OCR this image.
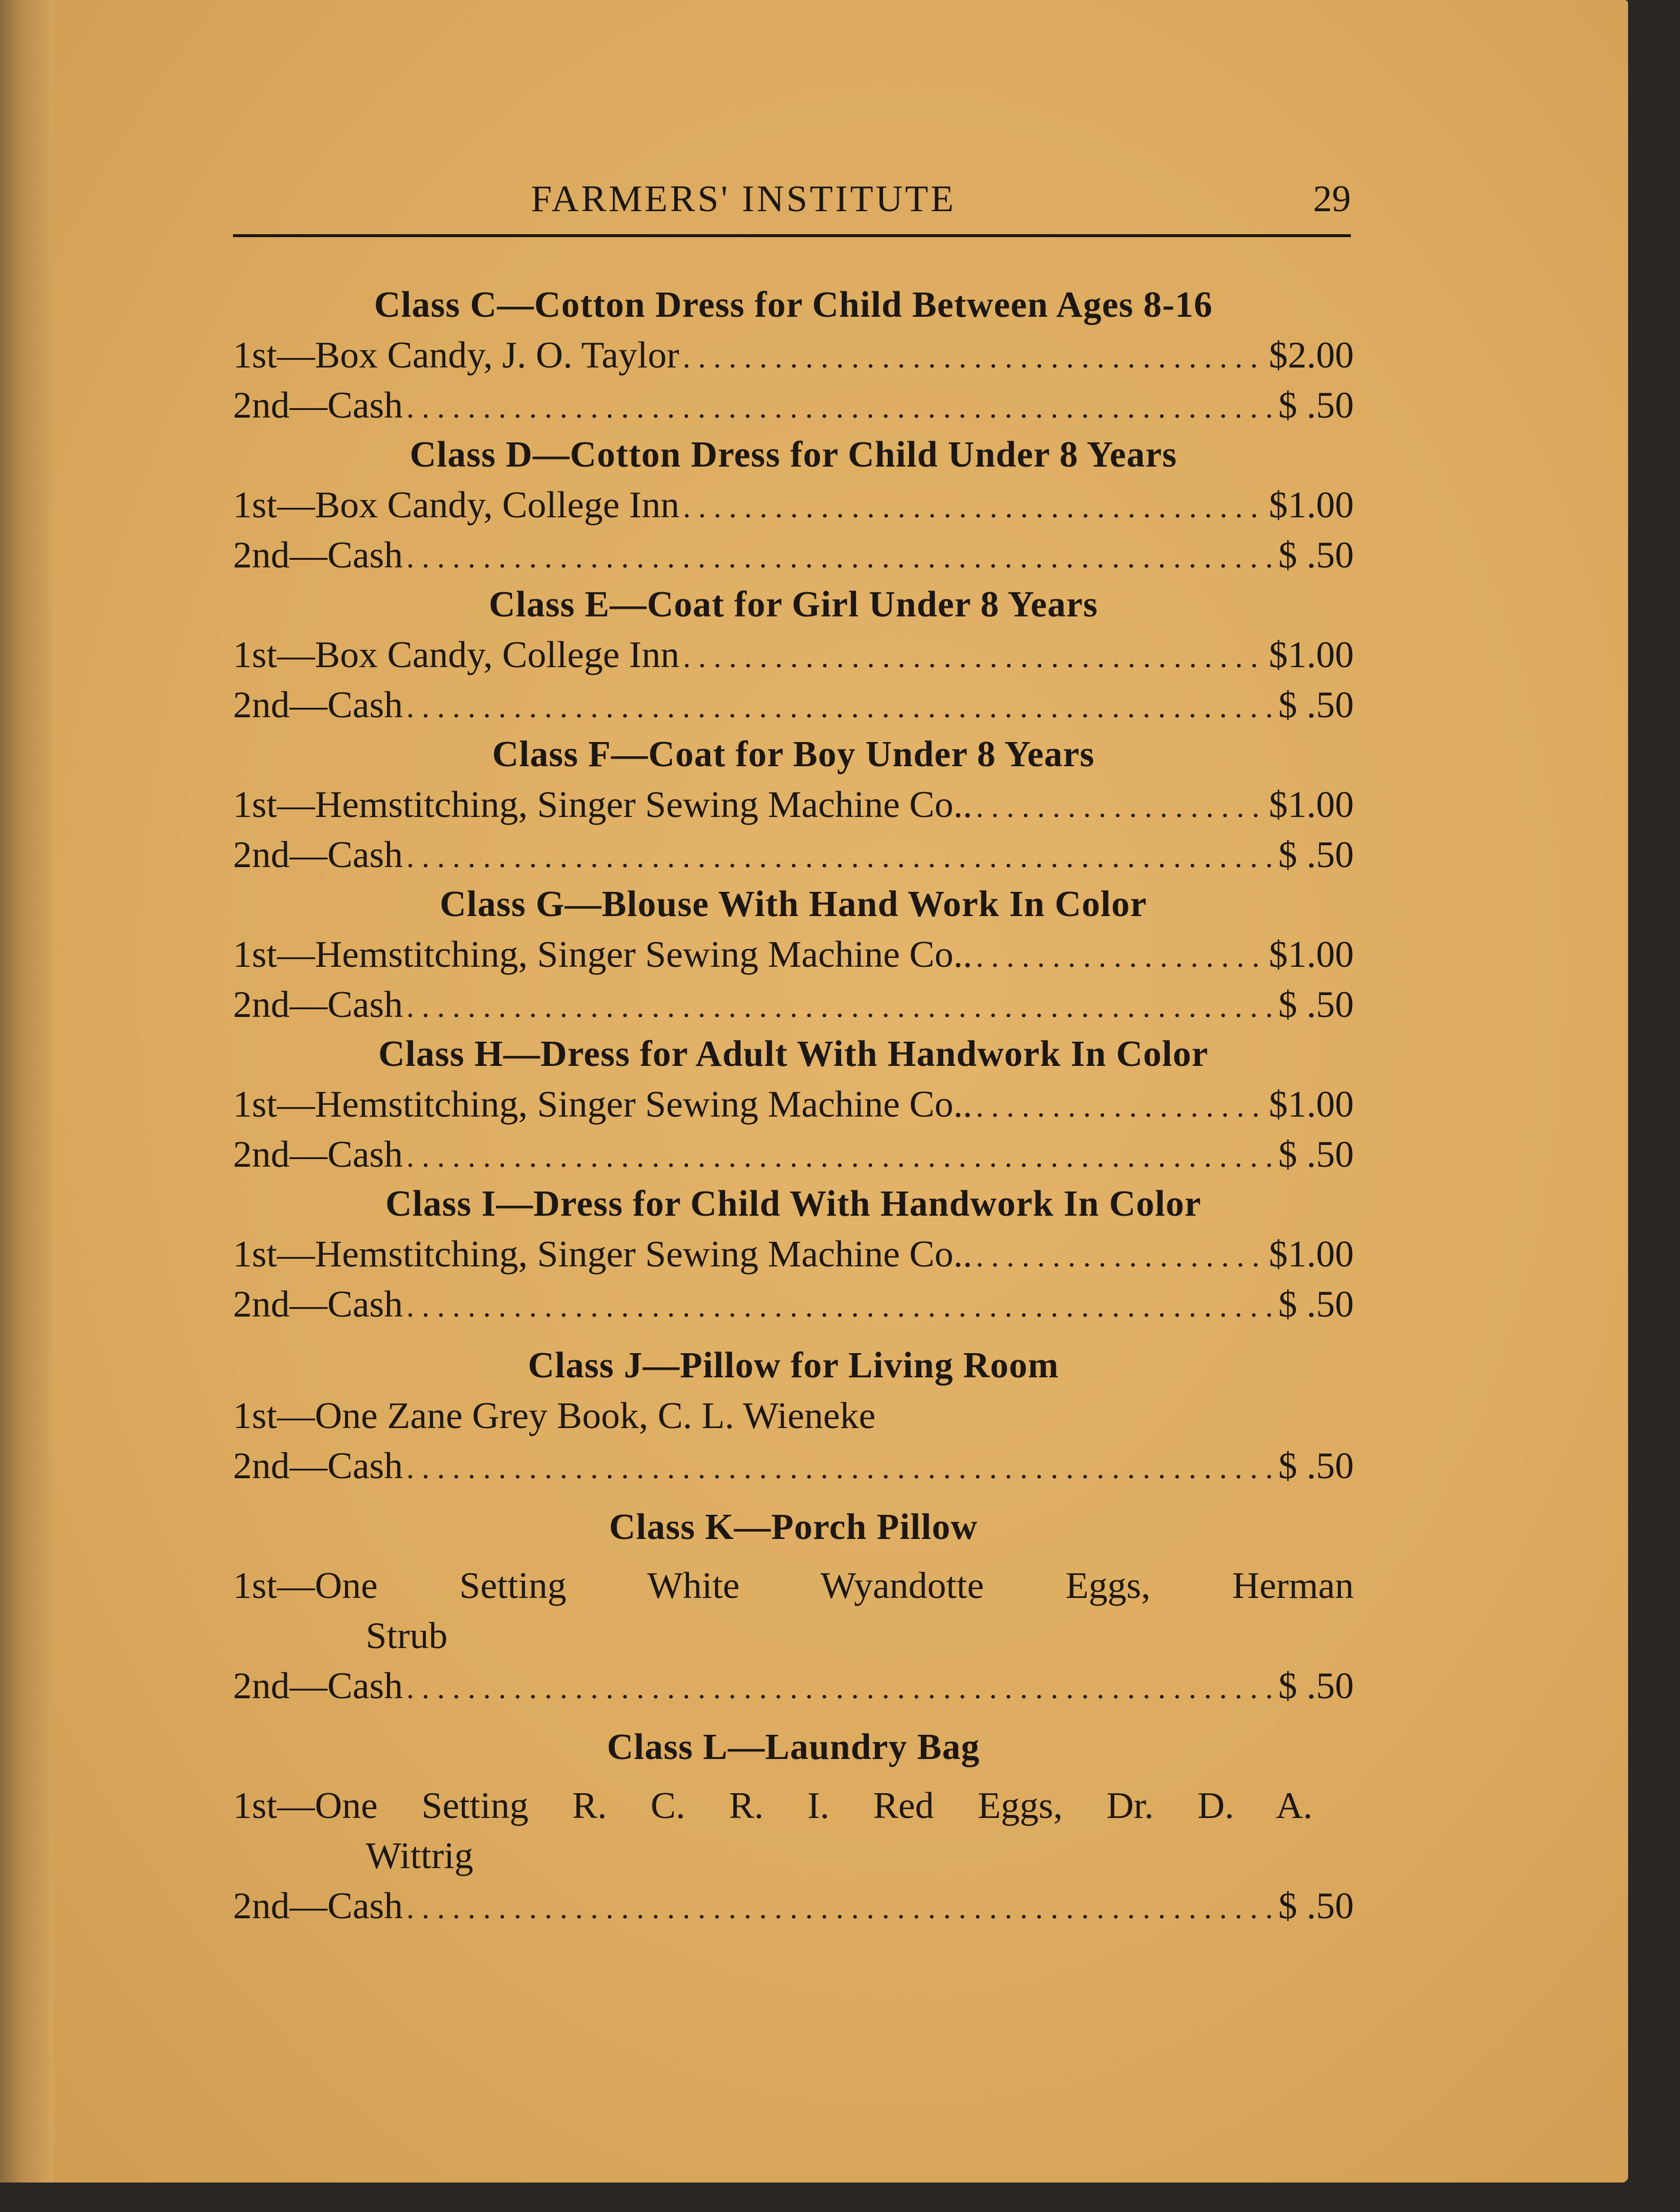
FARMERS' INSTITUTE	29
Class C—Cotton Dress for Child Between Ages 8-16
1st—Box Candy, J. O. Taylor . . .	$2.00
2nd—Cash . . .	$ .50
Class D—Cotton Dress for Child Under 8 Years
1st—Box Candy, College Inn . . .	$1.00
2nd—Cash . . .	$ .50
Class E—Coat for Girl Under 8 Years
1st—Box Candy, College Inn . . .	$1.00
2nd—Cash . . .	$ .50
Class F—Coat for Boy Under 8 Years
1st—Hemstitching, Singer Sewing Machine Co.. . . .	$1.00
2nd—Cash . . .	$ .50
Class G—Blouse With Hand Work In Color
1st—Hemstitching, Singer Sewing Machine Co.. . . .	$1.00
2nd—Cash . . .	$ .50
Class H—Dress for Adult With Handwork In Color
1st—Hemstitching, Singer Sewing Machine Co.. . . .	$1.00
2nd—Cash . . .	$ .50
Class I—Dress for Child With Handwork In Color
1st—Hemstitching, Singer Sewing Machine Co.. . . .	$1.00
2nd—Cash . . .	$ .50
Class J—Pillow for Living Room
1st—One Zane Grey Book, C. L. Wieneke
2nd—Cash . . .	$ .50
Class K—Porch Pillow
1st—One Setting White Wyandotte Eggs, Herman
Strub
2nd—Cash . . .	$ .50
Class L—Laundry Bag
1st—One Setting R. C. R. I. Red Eggs, Dr. D. A.
Wittrig
2nd—Cash . . .	$ .50
